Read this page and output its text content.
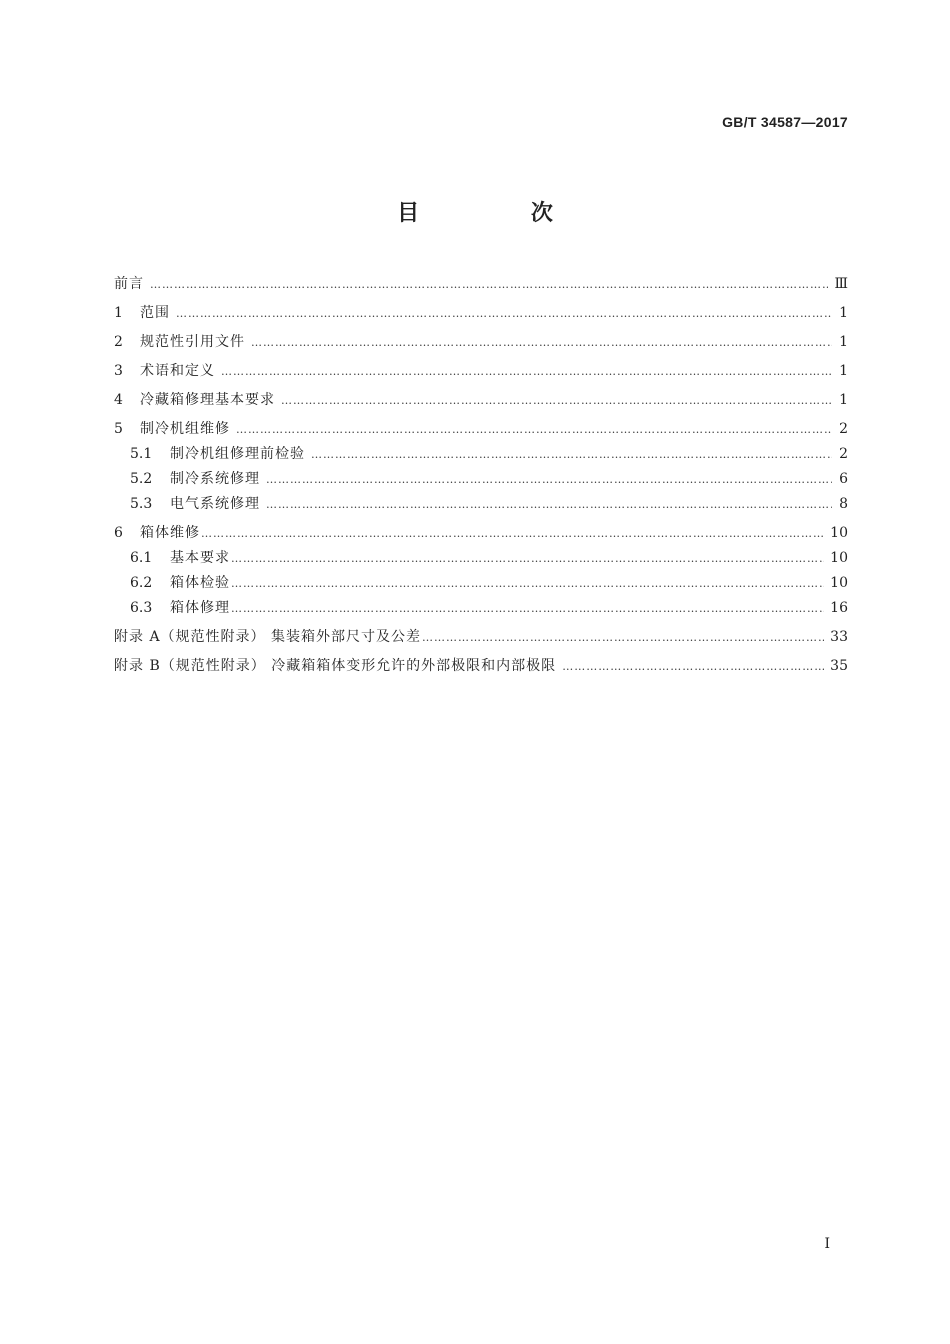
GB/T 34587—2017
目 次
前言 …………………………………………………………………………………………………………………………………………………………………………………………	Ⅲ
1	范围 …………………………………………………………………………………………………………………………………………………………………………………………	1
2	规范性引用文件 …………………………………………………………………………………………………………………………………………………………………………………………	1
3	术语和定义 …………………………………………………………………………………………………………………………………………………………………………………………	1
4	冷藏箱修理基本要求 …………………………………………………………………………………………………………………………………………………………………………………………	1
5	制冷机组维修 …………………………………………………………………………………………………………………………………………………………………………………………	2
5.1	制冷机组修理前检验 …………………………………………………………………………………………………………………………………………………………………………………………	2
5.2	制冷系统修理 …………………………………………………………………………………………………………………………………………………………………………………………	6
5.3	电气系统修理 …………………………………………………………………………………………………………………………………………………………………………………………	8
6	箱体维修 …………………………………………………………………………………………………………………………………………………………………………………………	10
6.1	基本要求 …………………………………………………………………………………………………………………………………………………………………………………………	10
6.2	箱体检验 …………………………………………………………………………………………………………………………………………………………………………………………	10
6.3	箱体修理 …………………………………………………………………………………………………………………………………………………………………………………………	16
附录 A（规范性附录） 集装箱外部尺寸及公差 …………………………………………………………………………………………………………………………………………………………………………………………	33
附录 B（规范性附录） 冷藏箱箱体变形允许的外部极限和内部极限 …………………………………………………………………………………………………………………………………………………………………………………………	35
I
